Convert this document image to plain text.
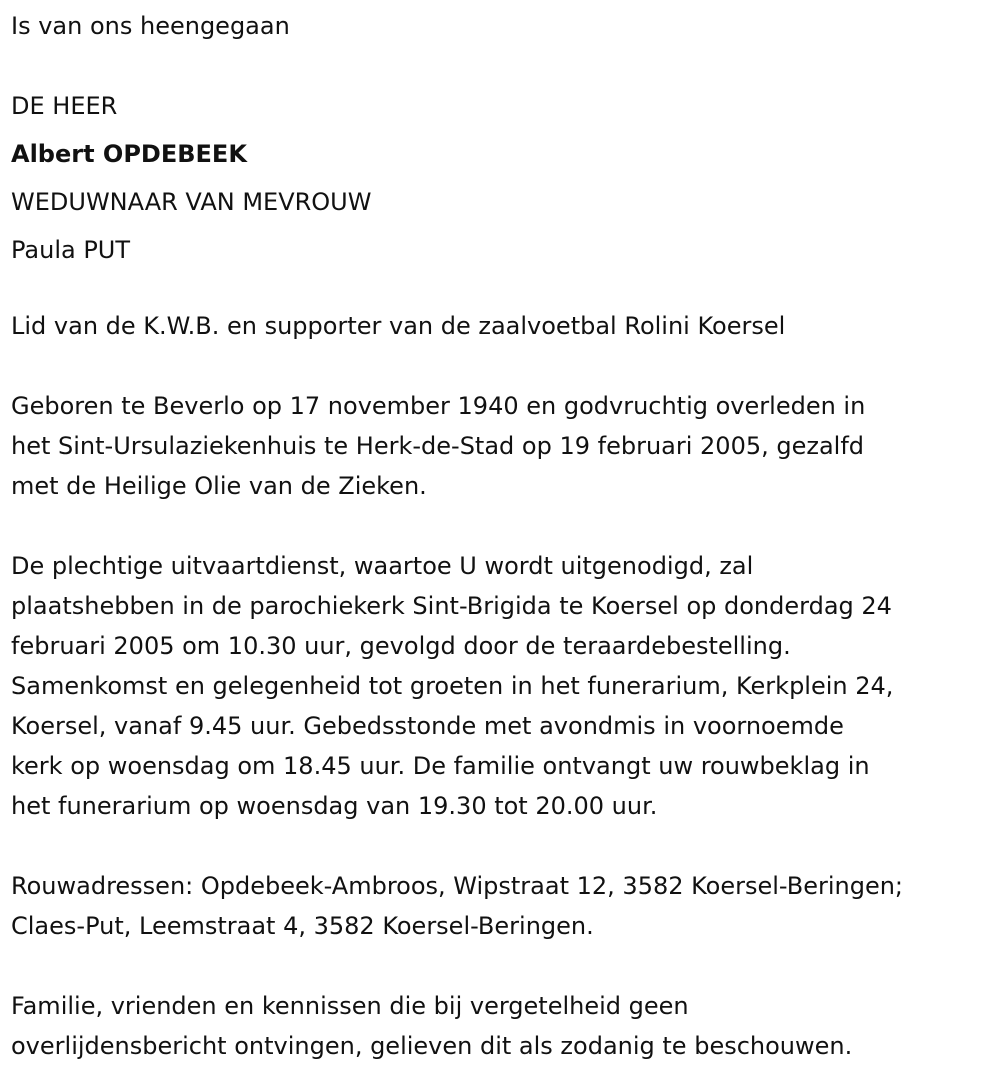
Is van ons heengegaan
DE HEER
Albert OPDEBEEK
WEDUWNAAR VAN MEVROUW
Paula PUT
Lid van de K.W.B. en supporter van de zaalvoetbal Rolini Koersel
Geboren te Beverlo op 17 november 1940 en godvruchtig overleden in
het Sint-Ursulaziekenhuis te Herk-de-Stad op 19 februari 2005, gezalfd
met de Heilige Olie van de Zieken.
De plechtige uitvaartdienst, waartoe U wordt uitgenodigd, zal
plaatshebben in de parochiekerk Sint-Brigida te Koersel op donderdag 24
februari 2005 om 10.30 uur, gevolgd door de teraardebestelling.
Samenkomst en gelegenheid tot groeten in het funerarium, Kerkplein 24,
Koersel, vanaf 9.45 uur. Gebedsstonde met avondmis in voornoemde
kerk op woensdag om 18.45 uur. De familie ontvangt uw rouwbeklag in
het funerarium op woensdag van 19.30 tot 20.00 uur.
Rouwadressen: Opdebeek-Ambroos, Wipstraat 12, 3582 Koersel-Beringen;
Claes-Put, Leemstraat 4, 3582 Koersel-Beringen.
Familie, vrienden en kennissen die bij vergetelheid geen
overlijdensbericht ontvingen, gelieven dit als zodanig te beschouwen.
